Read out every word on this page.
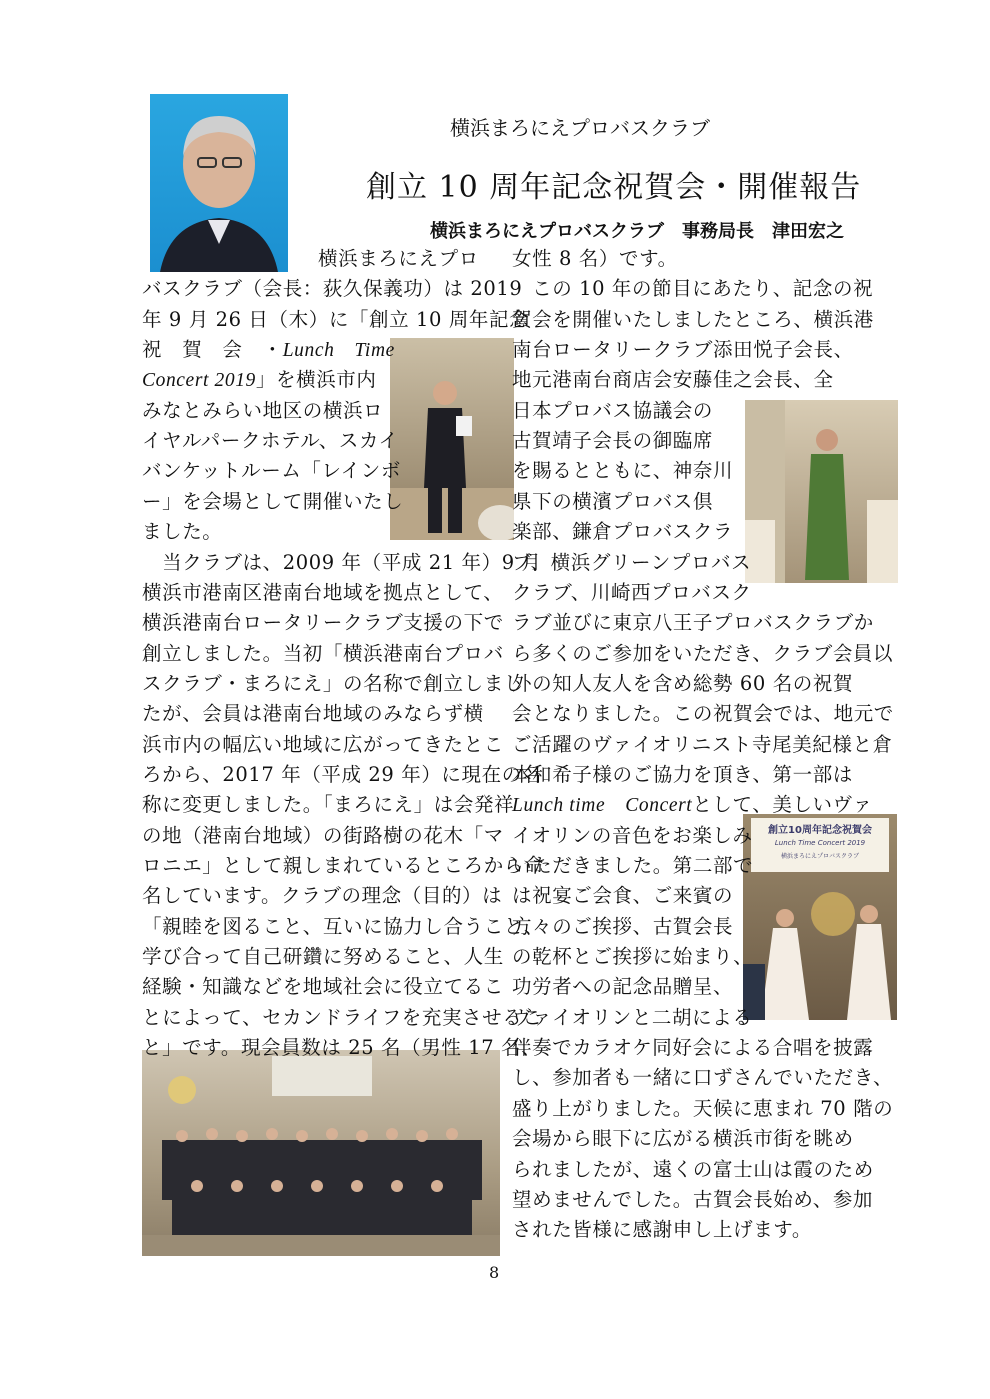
横浜まろにえプロバスクラブ
創立 10 周年記念祝賀会・開催報告
横浜まろにえプロバスクラブ　事務局長　津田宏之
創立10周年記念祝賀会
Lunch Time Concert 2019
横浜まろにえプロバスクラブ
横浜まろにえプロ
バスクラブ（会長：荻久保義功）は 2019
年 9 月 26 日（木）に「創立 10 周年記念
祝　賀　会　・Lunch　Time
Concert 2019」を横浜市内
みなとみらい地区の横浜ロ
イヤルパークホテル、スカイ
バンケットルーム「レインボ
ー」を会場として開催いたし
ました。
　当クラブは、2009 年（平成 21 年）9 月
横浜市港南区港南台地域を拠点として、
横浜港南台ロータリークラブ支援の下で
創立しました。当初「横浜港南台プロバ
スクラブ・まろにえ」の名称で創立しまし
たが、会員は港南台地域のみならず横
浜市内の幅広い地域に広がってきたとこ
ろから、2017 年（平成 29 年）に現在の名
称に変更しました。「まろにえ」は会発祥
の地（港南台地域）の街路樹の花木「マ
ロニエ」として親しまれているところから命
名しています。クラブの理念（目的）は
「親睦を図ること、互いに協力し合うこと、
学び合って自己研鑽に努めること、人生
経験・知識などを地域社会に役立てるこ
とによって、セカンドライフを充実させるこ
と」です。現会員数は 25 名（男性 17 名、
女性 8 名）です。
　この 10 年の節目にあたり、記念の祝
賀会を開催いたしましたところ、横浜港
南台ロータリークラブ添田悦子会長、
地元港南台商店会安藤佳之会長、全
日本プロバス協議会の
古賀靖子会長の御臨席
を賜るとともに、神奈川
県下の横濱プロバス倶
楽部、鎌倉プロバスクラ
ブ、横浜グリーンプロバス
クラブ、川崎西プロバスク
ラブ並びに東京八王子プロバスクラブか
ら多くのご参加をいただき、クラブ会員以
外の知人友人を含め総勢 60 名の祝賀
会となりました。この祝賀会では、地元で
ご活躍のヴァイオリニスト寺尾美紀様と倉
本和希子様のご協力を頂き、第一部は
Lunch time　Concertとして、美しいヴァ
イオリンの音色をお楽しみ
いただきました。第二部で
は祝宴ご会食、ご来賓の
方々のご挨拶、古賀会長
の乾杯とご挨拶に始まり、
功労者への記念品贈呈、
ヴァイオリンと二胡による
伴奏でカラオケ同好会による合唱を披露
し、参加者も一緒に口ずさんでいただき、
盛り上がりました。天候に恵まれ 70 階の
会場から眼下に広がる横浜市街を眺め
られましたが、遠くの富士山は霞のため
望めませんでした。古賀会長始め、参加
された皆様に感謝申し上げます。
8
